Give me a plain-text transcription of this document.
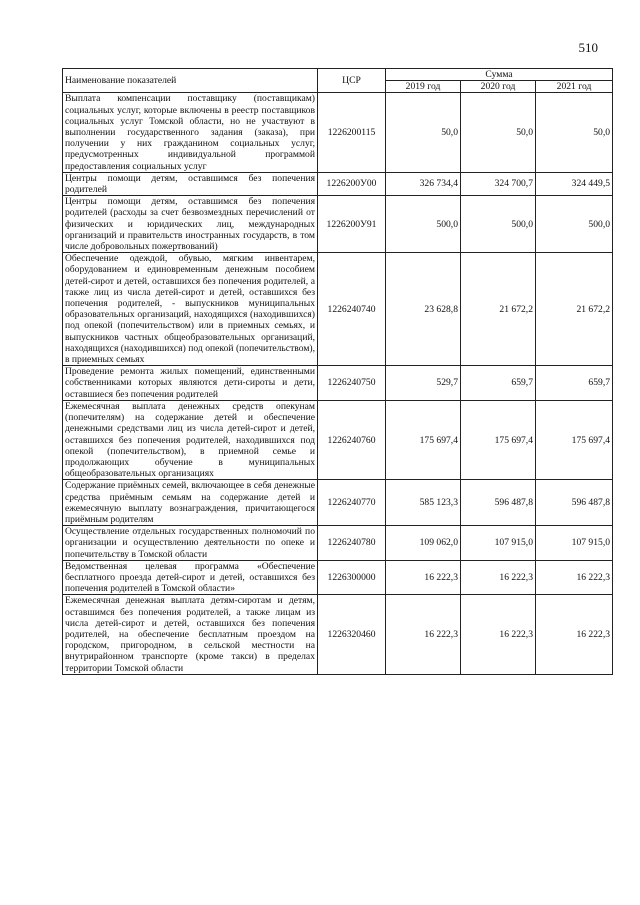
510
Наименование показателей	ЦСР	Сумма		
		2019 год	2020 год	2021 год
Выплата компенсации поставщику (поставщикам) социальных услуг, которые включены в реестр поставщиков социальных услуг Томской области, но не участвуют в выполнении государственного задания (заказа), при получении у них гражданином социальных услуг, предусмотренных индивидуальной программой предоставления социальных услуг	1226200115	50,0	50,0	50,0
Центры помощи детям, оставшимся без попечения родителей	1226200У00	326 734,4	324 700,7	324 449,5
Центры помощи детям, оставшимся без попечения родителей (расходы за счет безвозмездных перечислений от физических и юридических лиц, международных организаций и правительств иностранных государств, в том числе добровольных пожертвований)	1226200У91	500,0	500,0	500,0
Обеспечение одеждой, обувью, мягким инвентарем, оборудованием и единовременным денежным пособием детей-сирот и детей, оставшихся без попечения родителей, а также лиц из числа детей-сирот и детей, оставшихся без попечения родителей, - выпускников муниципальных образовательных организаций, находящихся (находившихся) под опекой (попечительством) или в приемных семьях, и выпускников частных общеобразовательных организаций, находящихся (находившихся) под опекой (попечительством), в приемных семьях	1226240740	23 628,8	21 672,2	21 672,2
Проведение ремонта жилых помещений, единственными собственниками которых являются дети-сироты и дети, оставшиеся без попечения родителей	1226240750	529,7	659,7	659,7
Ежемесячная выплата денежных средств опекунам (попечителям) на содержание детей и обеспечение денежными средствами лиц из числа детей-сирот и детей, оставшихся без попечения родителей, находившихся под опекой (попечительством), в приемной семье и продолжающих обучение в муниципальных общеобразовательных организациях	1226240760	175 697,4	175 697,4	175 697,4
Содержание приёмных семей, включающее в себя денежные средства приёмным семьям на содержание детей и ежемесячную выплату вознаграждения, причитающегося приёмным родителям	1226240770	585 123,3	596 487,8	596 487,8
Осуществление отдельных государственных полномочий по организации и осуществлению деятельности по опеке и попечительству в Томской области	1226240780	109 062,0	107 915,0	107 915,0
Ведомственная целевая программа «Обеспечение бесплатного проезда детей-сирот и детей, оставшихся без попечения родителей в Томской области»	1226300000	16 222,3	16 222,3	16 222,3
Ежемесячная денежная выплата детям-сиротам и детям, оставшимся без попечения родителей, а также лицам из числа детей-сирот и детей, оставшихся без попечения родителей, на обеспечение бесплатным проездом на городском, пригородном, в сельской местности на внутрирайонном транспорте (кроме такси) в пределах территории Томской области	1226320460	16 222,3	16 222,3	16 222,3
